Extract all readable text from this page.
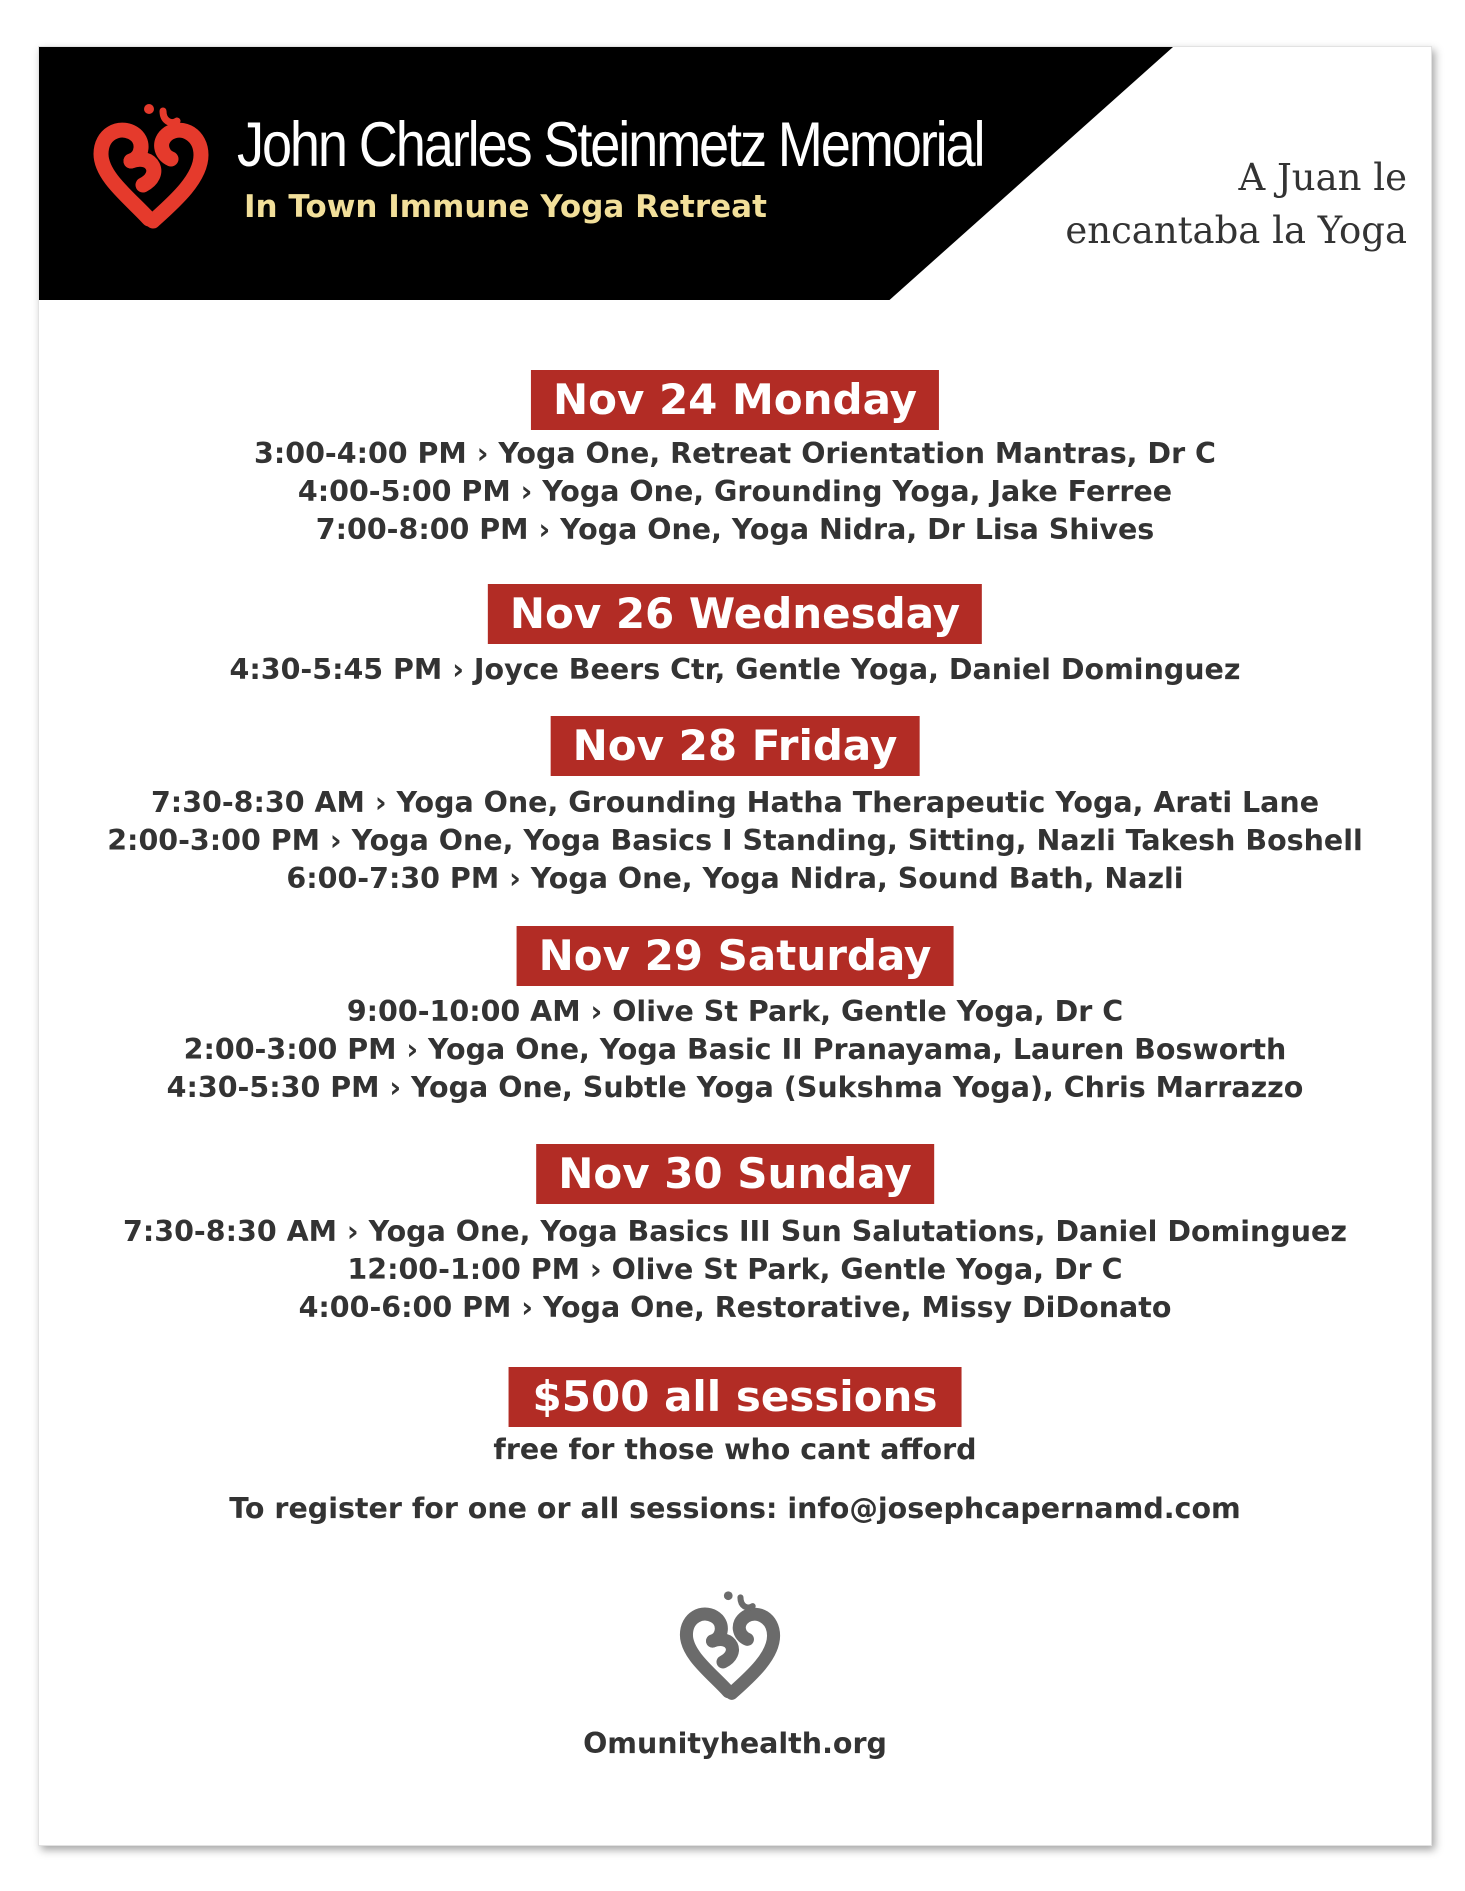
John Charles Steinmetz Memorial
In Town Immune Yoga Retreat
A Juan le
encantaba la Yoga
Nov 24 Monday
3:00-4:00 PM › Yoga One, Retreat Orientation Mantras, Dr C
4:00-5:00 PM › Yoga One, Grounding Yoga, Jake Ferree
7:00-8:00 PM › Yoga One, Yoga Nidra, Dr Lisa Shives
Nov 26 Wednesday
4:30-5:45 PM › Joyce Beers Ctr, Gentle Yoga, Daniel Dominguez
Nov 28 Friday
7:30-8:30 AM › Yoga One, Grounding Hatha Therapeutic Yoga, Arati Lane
2:00-3:00 PM › Yoga One, Yoga Basics I Standing, Sitting, Nazli Takesh Boshell
6:00-7:30 PM › Yoga One, Yoga Nidra, Sound Bath, Nazli
Nov 29 Saturday
9:00-10:00 AM › Olive St Park, Gentle Yoga, Dr C
2:00-3:00 PM › Yoga One, Yoga Basic II Pranayama, Lauren Bosworth
4:30-5:30 PM › Yoga One, Subtle Yoga (Sukshma Yoga), Chris Marrazzo
Nov 30 Sunday
7:30-8:30 AM › Yoga One, Yoga Basics III Sun Salutations, Daniel Dominguez
12:00-1:00 PM › Olive St Park, Gentle Yoga, Dr C
4:00-6:00 PM › Yoga One, Restorative, Missy DiDonato
$500 all sessions
free for those who cant afford
To register for one or all sessions: info@josephcapernamd.com
Omunityhealth.org
